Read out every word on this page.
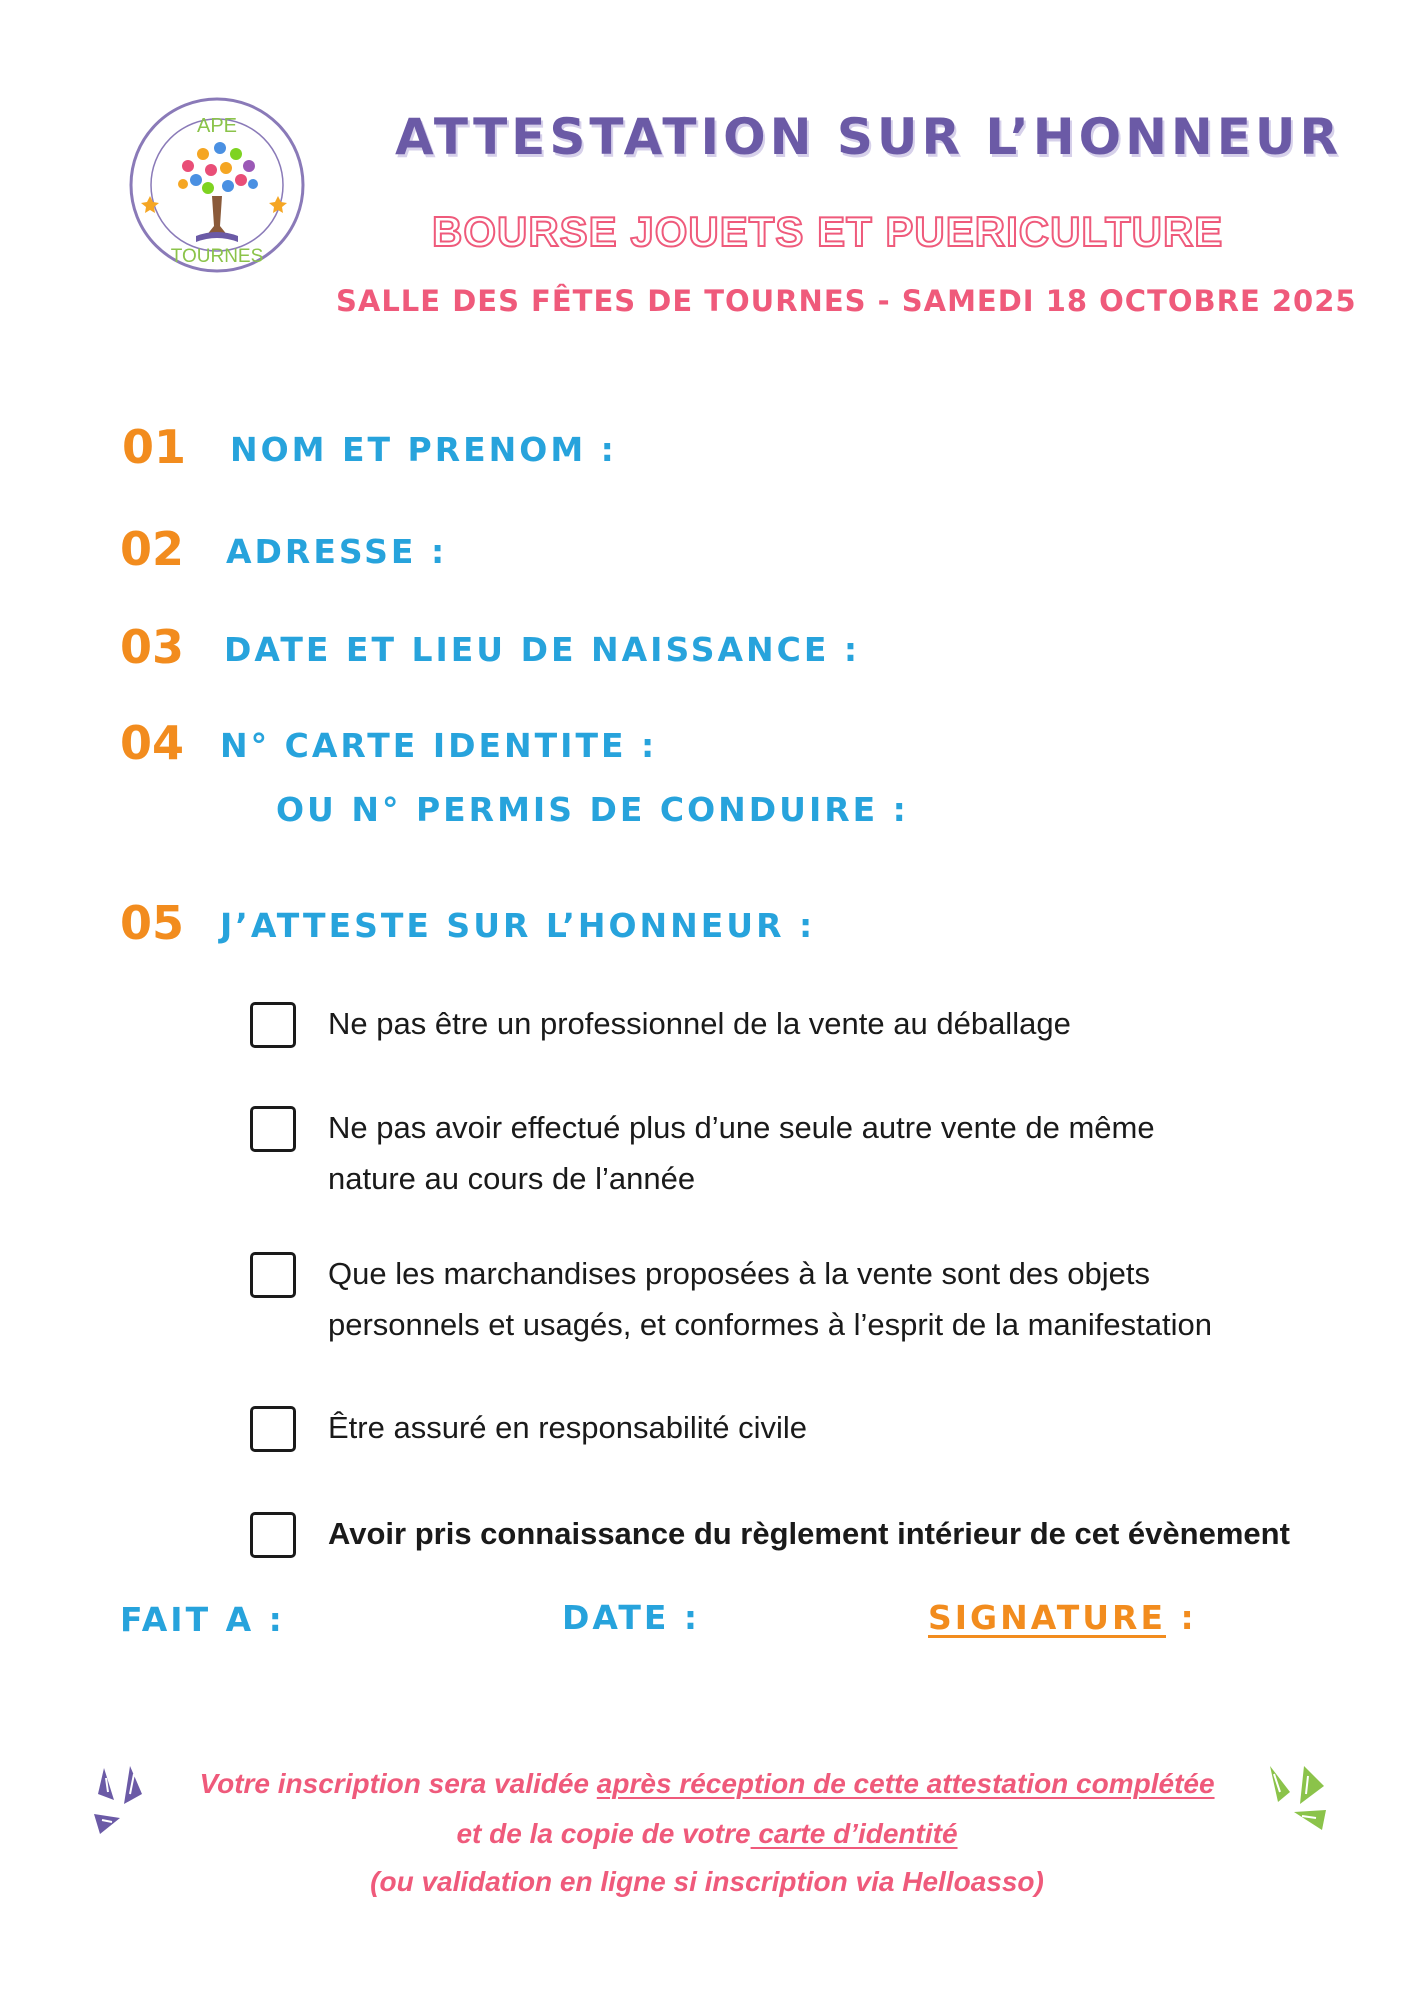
APE
TOURNES
ATTESTATION SUR L’HONNEUR
BOURSE JOUETS ET PUERICULTURE
SALLE DES FÊTES DE TOURNES - SAMEDI 18 OCTOBRE 2025
01 NOM ET PRENOM :
02 ADRESSE :
03 DATE ET LIEU DE NAISSANCE :
04 N° CARTE IDENTITE :
OU N° PERMIS DE CONDUIRE :
05 J’ATTESTE SUR L’HONNEUR :
Ne pas être un professionnel de la vente au déballage
Ne pas avoir effectué plus d’une seule autre vente de même
nature au cours de l’année
Que les marchandises proposées à la vente sont des objets
personnels et usagés, et conformes à l’esprit de la manifestation
Être assuré en responsabilité civile
Avoir pris connaissance du règlement intérieur de cet évènement
FAIT A :	DATE :	SIGNATURE :
Votre inscription sera validée après réception de cette attestation complétée
et de la copie de votre carte d’identité
(ou validation en ligne si inscription via Helloasso)
